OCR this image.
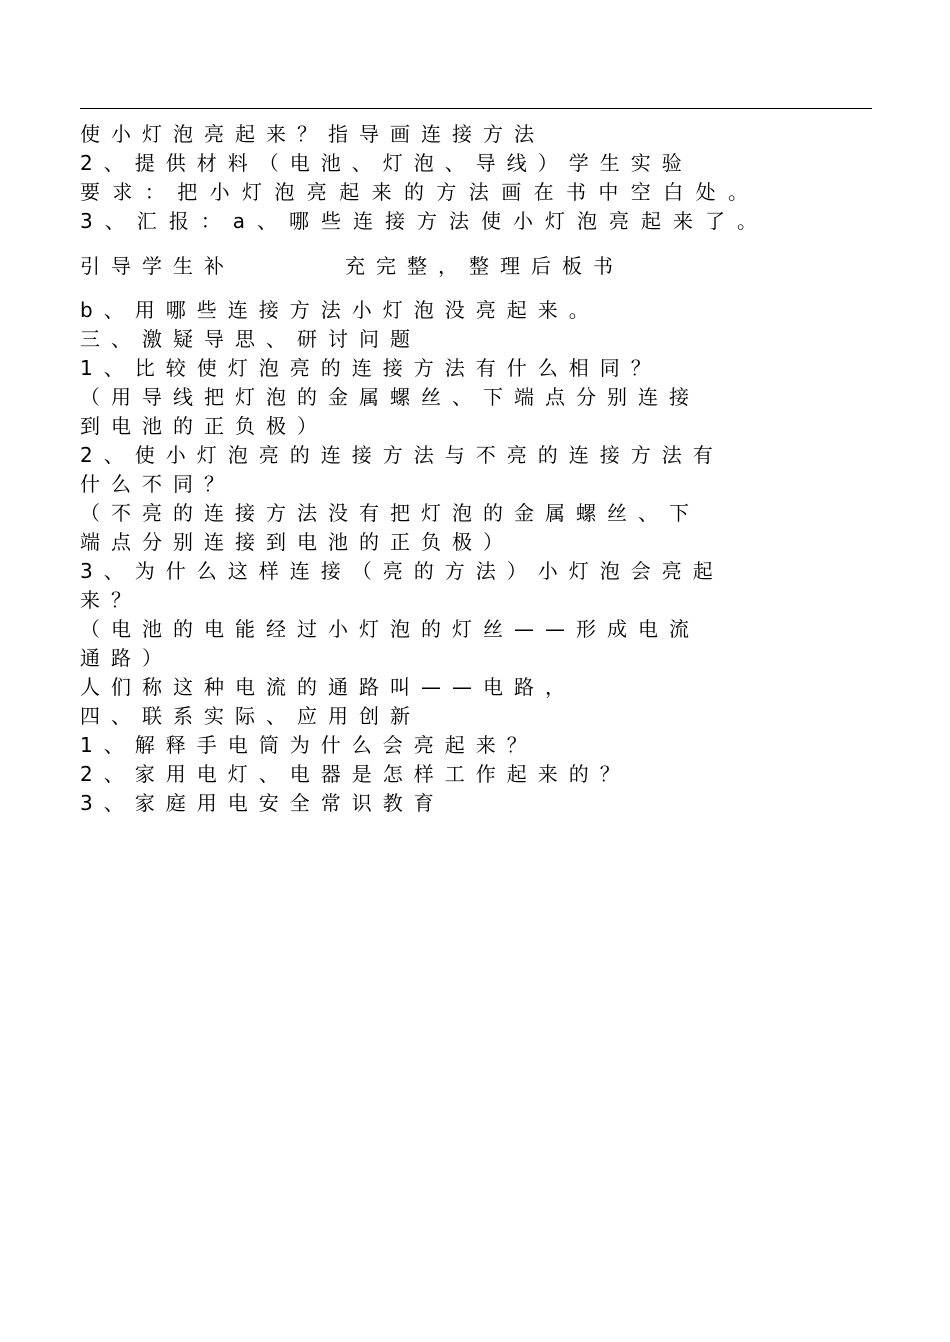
使小灯泡亮起来？指导画连接方法
2、提供材料（电池、灯泡、导线）学生实验
要求：把小灯泡亮起来的方法画在书中空白处。
3、汇报：a、哪些连接方法使小灯泡亮起来了。
引导学生补	充完整，整理后板书
b、用哪些连接方法小灯泡没亮起来。
三、激疑导思、研讨问题
1、比较使灯泡亮的连接方法有什么相同？
（用导线把灯泡的金属螺丝、下端点分别连接
到电池的正负极）
2、使小灯泡亮的连接方法与不亮的连接方法有
什么不同？
（不亮的连接方法没有把灯泡的金属螺丝、下
端点分别连接到电池的正负极）
3、为什么这样连接（亮的方法）小灯泡会亮起
来？
（电池的电能经过小灯泡的灯丝——形成电流
通路）
人们称这种电流的通路叫——电路，
四、联系实际、应用创新
1、解释手电筒为什么会亮起来？
2、家用电灯、电器是怎样工作起来的？
3、家庭用电安全常识教育
